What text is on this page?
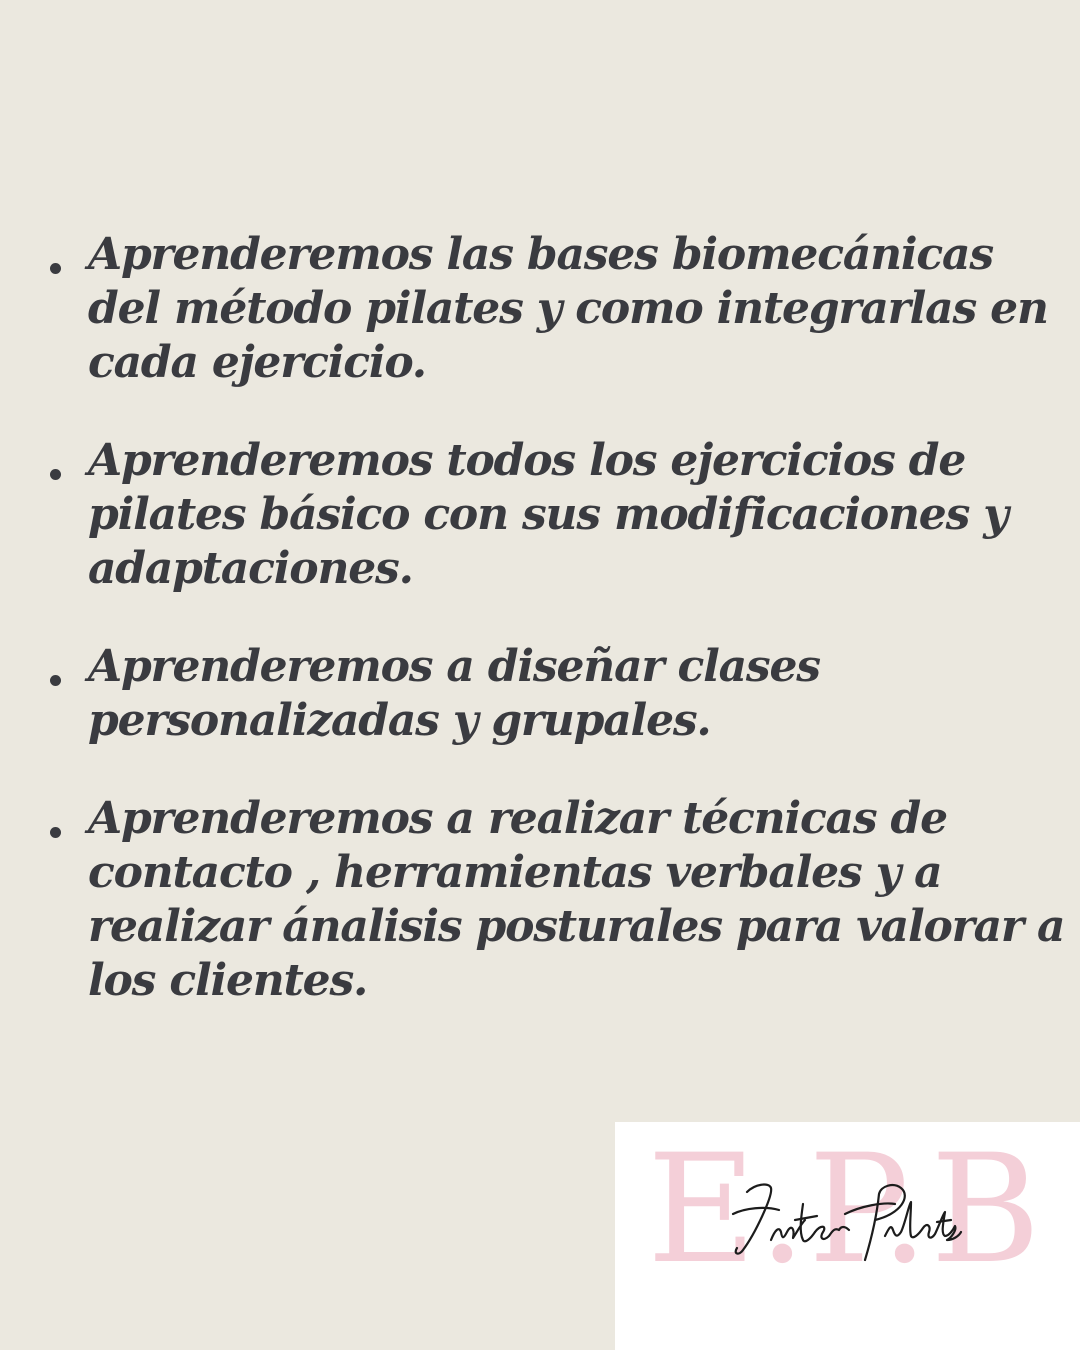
Aprenderemos las bases biomecánicas del método pilates y como integrarlas en cada ejercicio.
Aprenderemos todos los ejercicios de pilates básico con sus modificaciones y adaptaciones.
Aprenderemos a diseñar clases personalizadas y grupales.
Aprenderemos a realizar técnicas de contacto , herramientas verbales y a realizar ánalisis posturales para valorar a los clientes.
E.P.B
